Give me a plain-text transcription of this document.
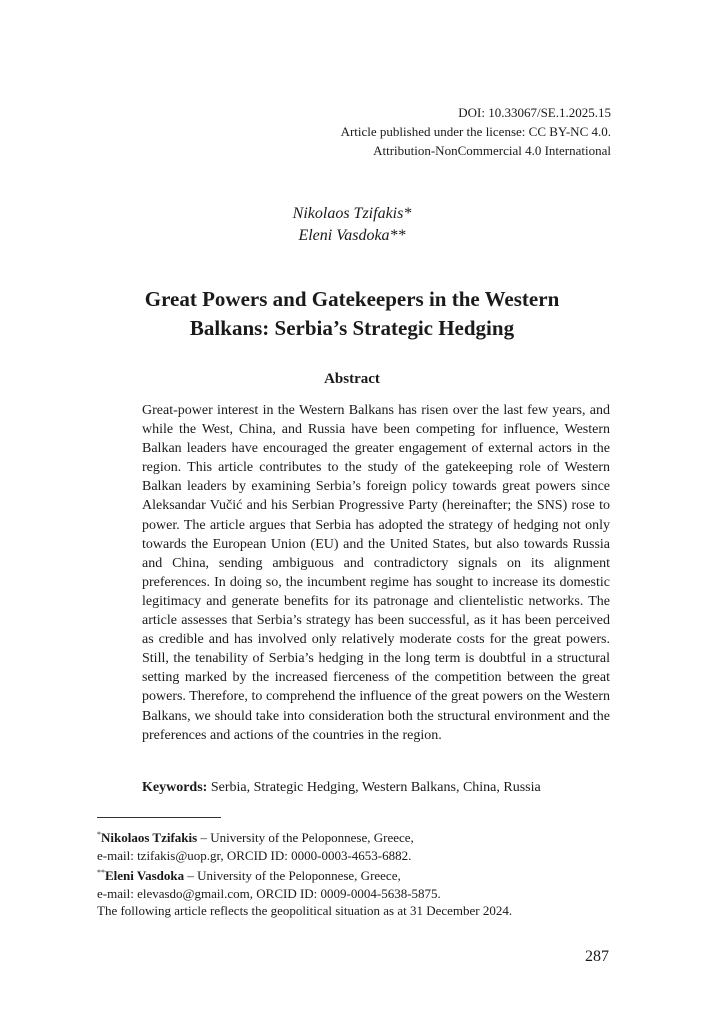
DOI: 10.33067/SE.1.2025.15
Article published under the license: CC BY-NC 4.0.
Attribution-NonCommercial 4.0 International
Nikolaos Tzifakis*
Eleni Vasdoka**
Great Powers and Gatekeepers in the Western
Balkans: Serbia’s Strategic Hedging
Abstract

Great-power interest in the Western Balkans has risen over the last few years, and while the West, China, and Russia have been competing for influence, Western Balkan leaders have encouraged the greater engagement of external actors in the region. This article contributes to the study of the gatekeeping role of Western Balkan leaders by examining Serbia’s foreign policy towards great powers since Aleksandar Vučić and his Serbian Progressive Party (hereinafter; the SNS) rose to power. The article argues that Serbia has adopted the strategy of hedging not only towards the European Union (EU) and the United States, but also towards Russia and China, sending ambiguous and contradictory signals on its alignment preferences. In doing so, the incumbent regime has sought to increase its domestic legitimacy and generate benefits for its patronage and clientelistic networks. The article assesses that Serbia’s strategy has been successful, as it has been perceived as credible and has involved only relatively moderate costs for the great powers. Still, the tenability of Serbia’s hedging in the long term is doubtful in a structural setting marked by the increased fierceness of the competition between the great powers. Therefore, to comprehend the influence of the great powers on the Western Balkans, we should take into consideration both the structural environment and the preferences and actions of the countries in the region.

Keywords: Serbia, Strategic Hedging, Western Balkans, China, Russia
*Nikolaos Tzifakis – University of the Peloponnese, Greece,
e-mail: tzifakis@uop.gr, ORCID ID: 0000-0003-4653-6882.
**Eleni Vasdoka – University of the Peloponnese, Greece,
e-mail: elevasdo@gmail.com, ORCID ID: 0009-0004-5638-5875.
The following article reflects the geopolitical situation as at 31 December 2024.
287
